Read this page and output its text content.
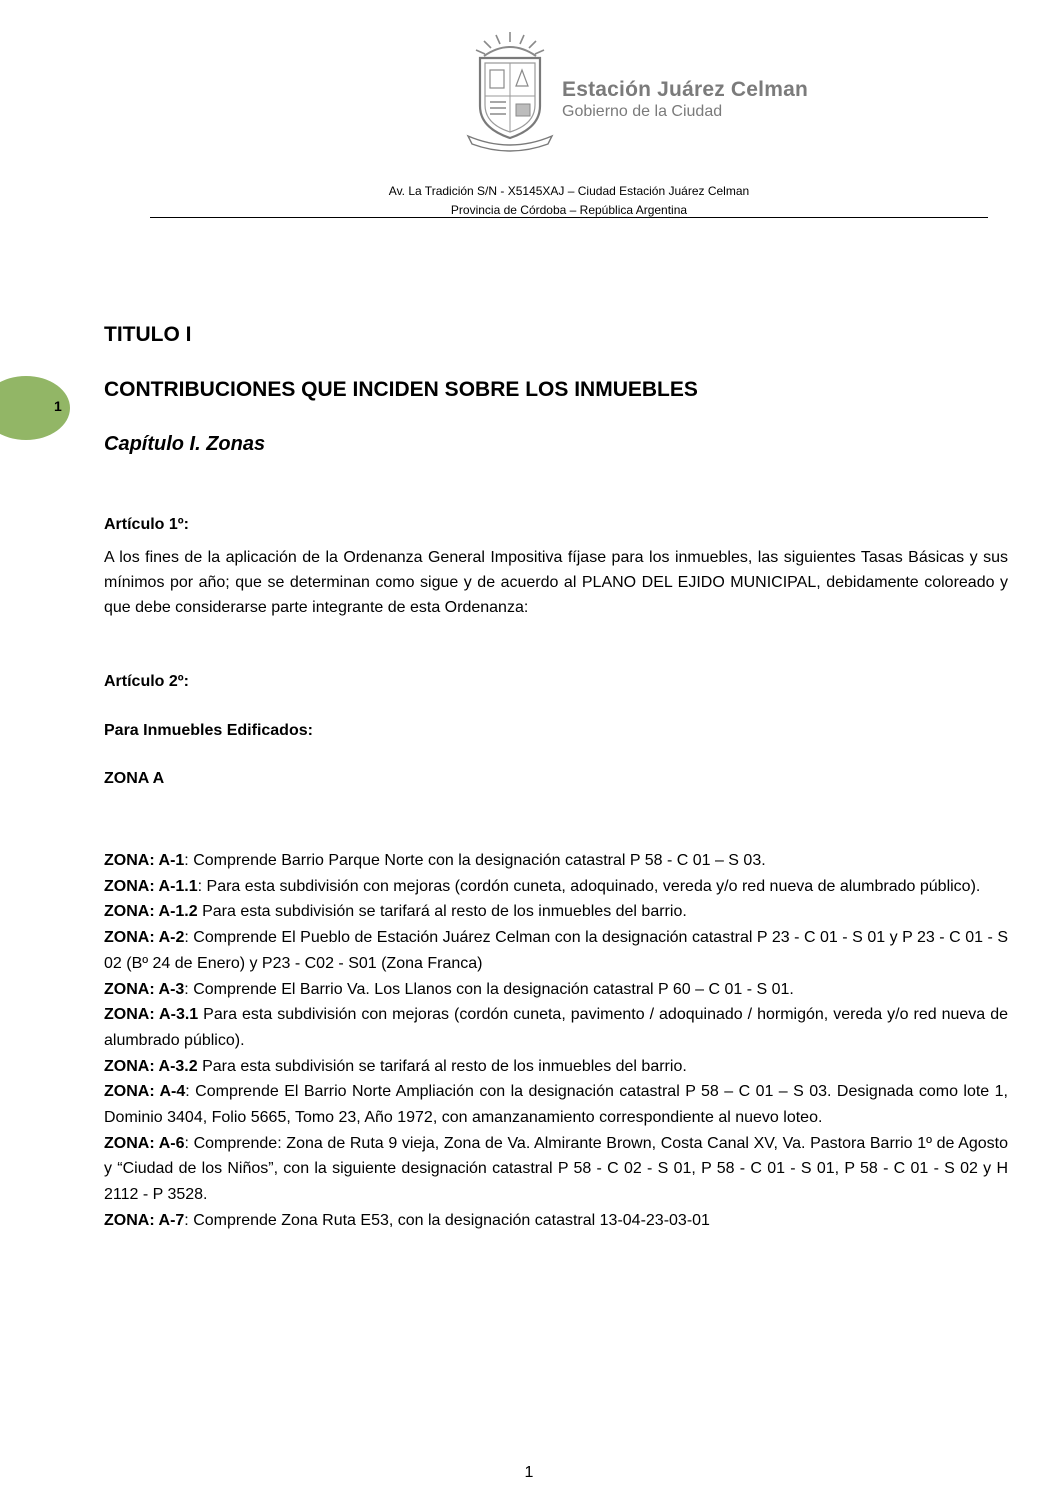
Estación Juárez Celman
Gobierno de la Ciudad
Av. La Tradición S/N - X5145XAJ – Ciudad Estación Juárez Celman
Provincia de Córdoba – República Argentina
1
TITULO I
CONTRIBUCIONES QUE INCIDEN SOBRE LOS INMUEBLES
Capítulo I. Zonas
Artículo 1º:
A los fines de la aplicación de la Ordenanza General Impositiva fíjase para los inmuebles, las siguientes Tasas Básicas y sus mínimos por año; que se determinan como sigue y de acuerdo al PLANO DEL EJIDO MUNICIPAL, debidamente coloreado y que debe considerarse parte integrante de esta Ordenanza:
Artículo 2º:
Para Inmuebles Edificados:
ZONA A
ZONA: A-1: Comprende Barrio Parque Norte con la designación catastral P 58 - C 01 – S 03.
ZONA: A-1.1: Para esta subdivisión con mejoras (cordón cuneta, adoquinado, vereda y/o red nueva de alumbrado público).
ZONA: A-1.2 Para esta subdivisión se tarifará al resto de los inmuebles del barrio.
ZONA: A-2: Comprende El Pueblo de Estación Juárez Celman con la designación catastral P 23 - C 01 - S 01 y P 23 - C 01 - S 02 (Bº 24 de Enero) y P23 - C02 - S01 (Zona Franca)
ZONA: A-3: Comprende El Barrio Va. Los Llanos con la designación catastral P 60 – C 01 - S 01.
ZONA: A-3.1 Para esta subdivisión con mejoras (cordón cuneta, pavimento / adoquinado / hormigón, vereda y/o red nueva de alumbrado público).
ZONA: A-3.2 Para esta subdivisión se tarifará al resto de los inmuebles del barrio.
ZONA: A-4: Comprende El Barrio Norte Ampliación con la designación catastral P 58 – C 01 – S 03. Designada como lote 1, Dominio 3404, Folio 5665, Tomo 23, Año 1972, con amanzanamiento correspondiente al nuevo loteo.
ZONA: A-6: Comprende: Zona de Ruta 9 vieja, Zona de Va. Almirante Brown, Costa Canal XV, Va. Pastora Barrio 1º de Agosto y “Ciudad de los Niños”, con la siguiente designación catastral P 58 - C 02 - S 01, P 58 - C 01 - S 01, P 58 - C 01 - S 02 y H 2112 - P 3528.
ZONA: A-7: Comprende Zona Ruta E53, con la designación catastral 13-04-23-03-01
1
